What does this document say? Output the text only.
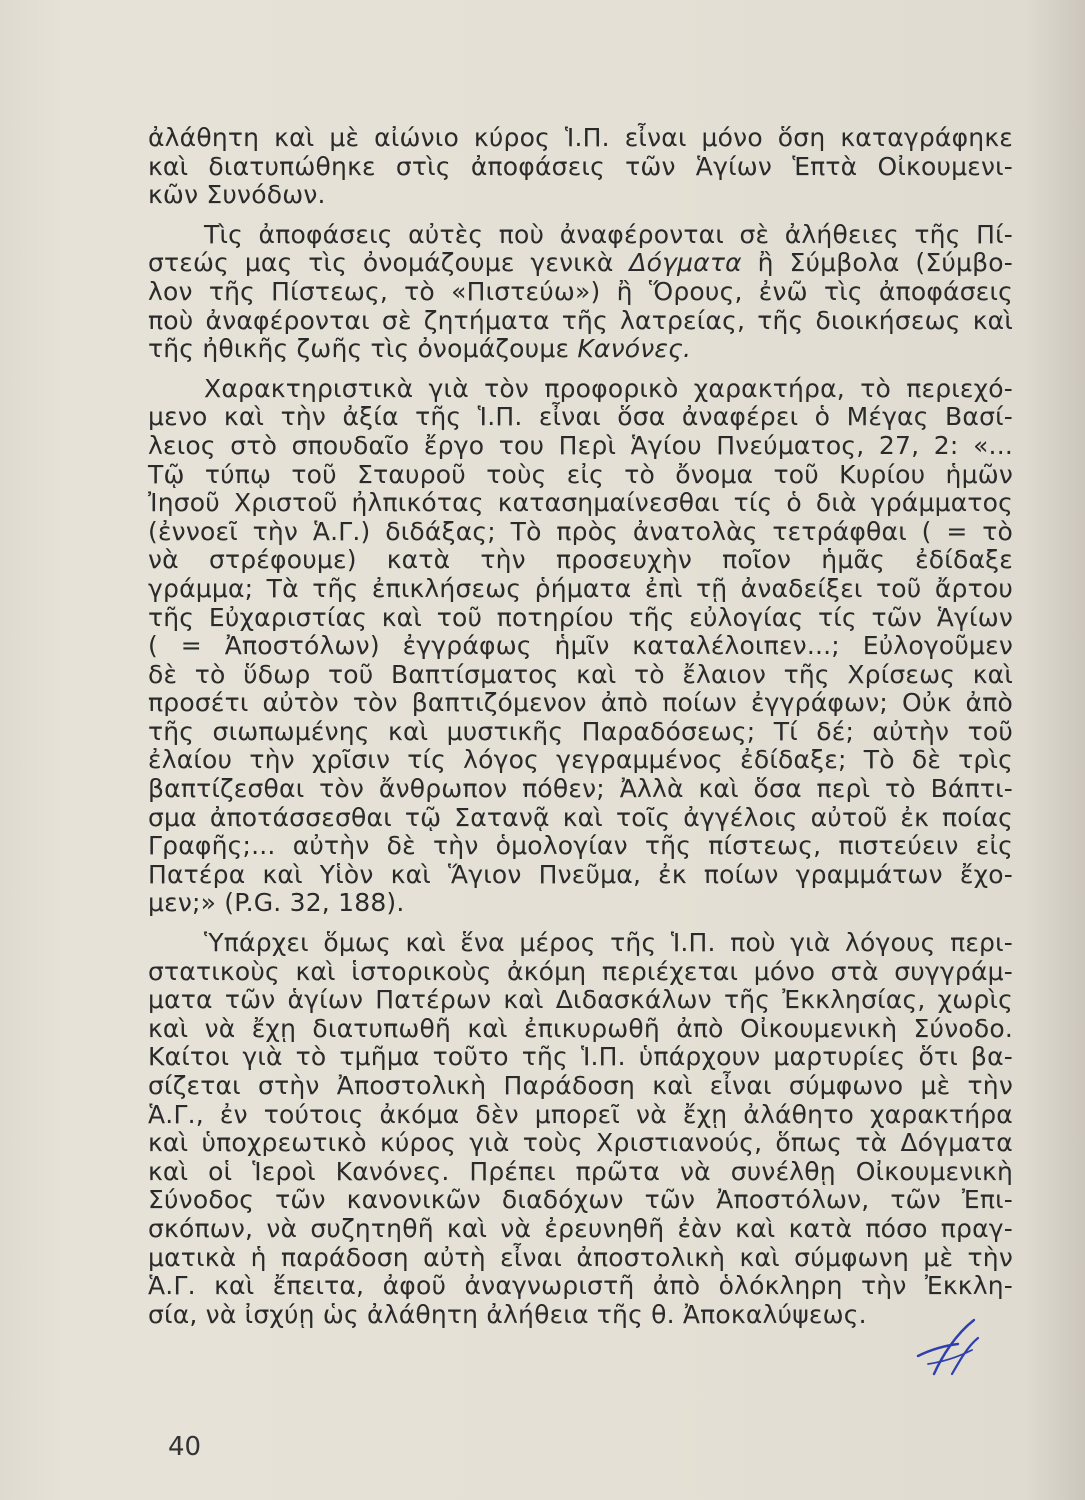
ἀλάθητη καὶ μὲ αἰώνιο κύρος Ἱ.Π. εἶναι μόνο ὅση καταγράφηκε
καὶ διατυπώθηκε στὶς ἀποφάσεις τῶν Ἁγίων Ἑπτὰ Οἰκουμενι-
κῶν Συνόδων.
Τὶς ἀποφάσεις αὐτὲς ποὺ ἀναφέρονται σὲ ἀλήθειες τῆς Πί-
στεώς μας τὶς ὀνομάζουμε γενικὰ Δόγματα ἢ Σύμβολα (Σύμβο-
λον τῆς Πίστεως, τὸ «Πιστεύω») ἢ Ὅρους, ἐνῶ τὶς ἀποφάσεις
ποὺ ἀναφέρονται σὲ ζητήματα τῆς λατρείας, τῆς διοικήσεως καὶ
τῆς ἠθικῆς ζωῆς τὶς ὀνομάζουμε Κανόνες.
Χαρακτηριστικὰ γιὰ τὸν προφορικὸ χαρακτήρα, τὸ περιεχό-
μενο καὶ τὴν ἀξία τῆς Ἱ.Π. εἶναι ὅσα ἀναφέρει ὁ Μέγας Βασί-
λειος στὸ σπουδαῖο ἔργο του Περὶ Ἁγίου Πνεύματος, 27, 2: «...
Τῷ τύπῳ τοῦ Σταυροῦ τοὺς εἰς τὸ ὄνομα τοῦ Κυρίου ἡμῶν
Ἰησοῦ Χριστοῦ ἠλπικότας κατασημαίνεσθαι τίς ὁ διὰ γράμματος
(ἐννοεῖ τὴν Ἁ.Γ.) διδάξας; Τὸ πρὸς ἀνατολὰς τετράφθαι ( = τὸ
νὰ στρέφουμε) κατὰ τὴν προσευχὴν ποῖον ἡμᾶς ἐδίδαξε
γράμμα; Τὰ τῆς ἐπικλήσεως ῥήματα ἐπὶ τῇ ἀναδείξει τοῦ ἄρτου
τῆς Εὐχαριστίας καὶ τοῦ ποτηρίου τῆς εὐλογίας τίς τῶν Ἁγίων
( = Ἀποστόλων) ἐγγράφως ἡμῖν καταλέλοιπεν...; Εὐλογοῦμεν
δὲ τὸ ὕδωρ τοῦ Βαπτίσματος καὶ τὸ ἔλαιον τῆς Χρίσεως καὶ
προσέτι αὐτὸν τὸν βαπτιζόμενον ἀπὸ ποίων ἐγγράφων; Οὐκ ἀπὸ
τῆς σιωπωμένης καὶ μυστικῆς Παραδόσεως; Τί δέ; αὐτὴν τοῦ
ἐλαίου τὴν χρῖσιν τίς λόγος γεγραμμένος ἐδίδαξε; Τὸ δὲ τρὶς
βαπτίζεσθαι τὸν ἄνθρωπον πόθεν; Ἀλλὰ καὶ ὅσα περὶ τὸ Βάπτι-
σμα ἀποτάσσεσθαι τῷ Σατανᾷ καὶ τοῖς ἀγγέλοις αὐτοῦ ἐκ ποίας
Γραφῆς;... αὐτὴν δὲ τὴν ὁμολογίαν τῆς πίστεως, πιστεύειν εἰς
Πατέρα καὶ Υἱὸν καὶ Ἅγιον Πνεῦμα, ἐκ ποίων γραμμάτων ἔχο-
μεν;» (P.G. 32, 188).
Ὑπάρχει ὅμως καὶ ἕνα μέρος τῆς Ἱ.Π. ποὺ γιὰ λόγους περι-
στατικοὺς καὶ ἱστορικοὺς ἀκόμη περιέχεται μόνο στὰ συγγράμ-
ματα τῶν ἁγίων Πατέρων καὶ Διδασκάλων τῆς Ἐκκλησίας, χωρὶς
καὶ νὰ ἔχῃ διατυπωθῆ καὶ ἐπικυρωθῆ ἀπὸ Οἰκουμενικὴ Σύνοδο.
Καίτοι γιὰ τὸ τμῆμα τοῦτο τῆς Ἱ.Π. ὑπάρχουν μαρτυρίες ὅτι βα-
σίζεται στὴν Ἀποστολικὴ Παράδοση καὶ εἶναι σύμφωνο μὲ τὴν
Ἁ.Γ., ἐν τούτοις ἀκόμα δὲν μπορεῖ νὰ ἔχῃ ἀλάθητο χαρακτήρα
καὶ ὑποχρεωτικὸ κύρος γιὰ τοὺς Χριστιανούς, ὅπως τὰ Δόγματα
καὶ οἱ Ἱεροὶ Κανόνες. Πρέπει πρῶτα νὰ συνέλθῃ Οἰκουμενικὴ
Σύνοδος τῶν κανονικῶν διαδόχων τῶν Ἀποστόλων, τῶν Ἐπι-
σκόπων, νὰ συζητηθῆ καὶ νὰ ἐρευνηθῆ ἐὰν καὶ κατὰ πόσο πραγ-
ματικὰ ἡ παράδοση αὐτὴ εἶναι ἀποστολικὴ καὶ σύμφωνη μὲ τὴν
Ἁ.Γ. καὶ ἔπειτα, ἀφοῦ ἀναγνωριστῆ ἀπὸ ὁλόκληρη τὴν Ἐκκλη-
σία, νὰ ἰσχύῃ ὡς ἀλάθητη ἀλήθεια τῆς θ. Ἀποκαλύψεως.
40
